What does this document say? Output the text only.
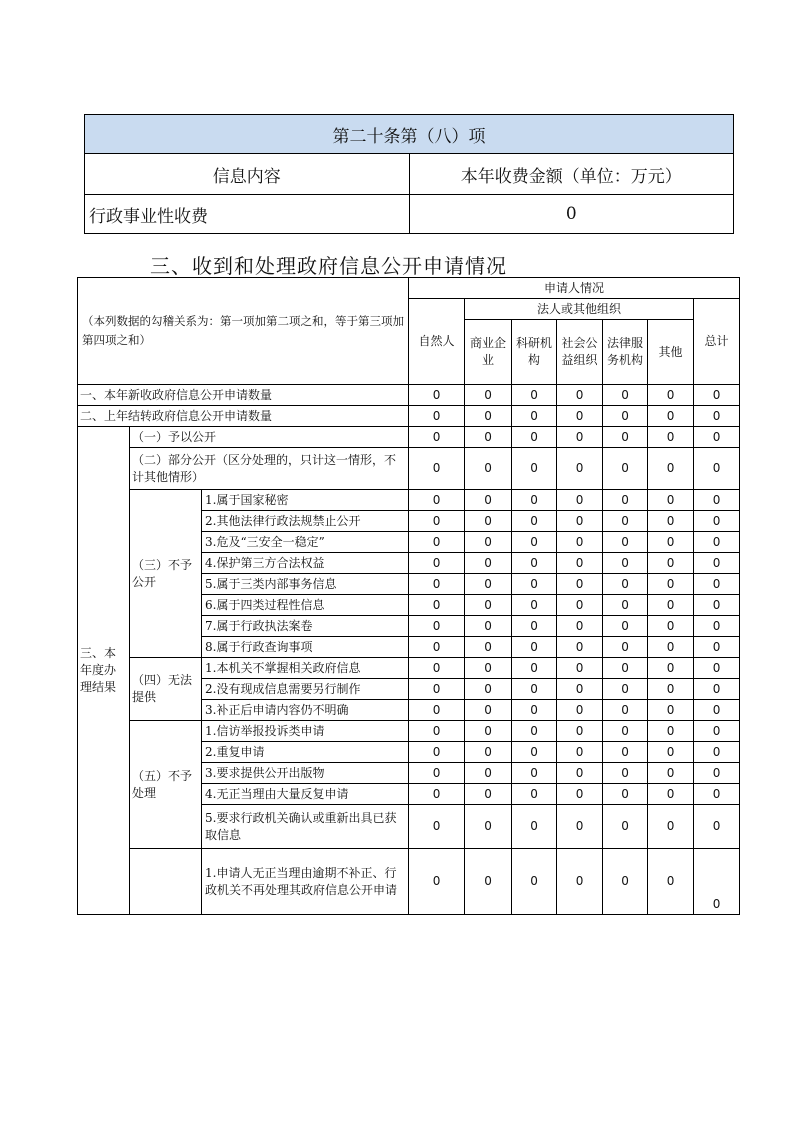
第二十条第（八）项	
信息内容	本年收费金额（单位：万元）
行政事业性收费	0
三、收到和处理政府信息公开申请情况
（本列数据的勾稽关系为：第一项加第二项之和，等于第三项加第四项之和）			申请人情况						
			自然人	法人或其他组织					总计
				商业企业	科研机构	社会公益组织	法律服务机构	其他	
一、本年新收政府信息公开申请数量			0	0	0	0	0	0	0
二、上年结转政府信息公开申请数量			0	0	0	0	0	0	0
三、本年度办理结果	（一）予以公开		0	0	0	0	0	0	0
	（二）部分公开（区分处理的，只计这一情形，不计其他情形）		0	0	0	0	0	0	0
	（三）不予公开	1.属于国家秘密	0	0	0	0	0	0	0
		2.其他法律行政法规禁止公开	0	0	0	0	0	0	0
		3.危及“三安全一稳定”	0	0	0	0	0	0	0
		4.保护第三方合法权益	0	0	0	0	0	0	0
		5.属于三类内部事务信息	0	0	0	0	0	0	0
		6.属于四类过程性信息	0	0	0	0	0	0	0
		7.属于行政执法案卷	0	0	0	0	0	0	0
		8.属于行政查询事项	0	0	0	0	0	0	0
	（四）无法提供	1.本机关不掌握相关政府信息	0	0	0	0	0	0	0
		2.没有现成信息需要另行制作	0	0	0	0	0	0	0
		3.补正后申请内容仍不明确	0	0	0	0	0	0	0
	（五）不予处理	1.信访举报投诉类申请	0	0	0	0	0	0	0
		2.重复申请	0	0	0	0	0	0	0
		3.要求提供公开出版物	0	0	0	0	0	0	0
		4.无正当理由大量反复申请	0	0	0	0	0	0	0
		5.要求行政机关确认或重新出具已获取信息	0	0	0	0	0	0	0
		1.申请人无正当理由逾期不补正、行政机关不再处理其政府信息公开申请	0	0	0	0	0	0	0
